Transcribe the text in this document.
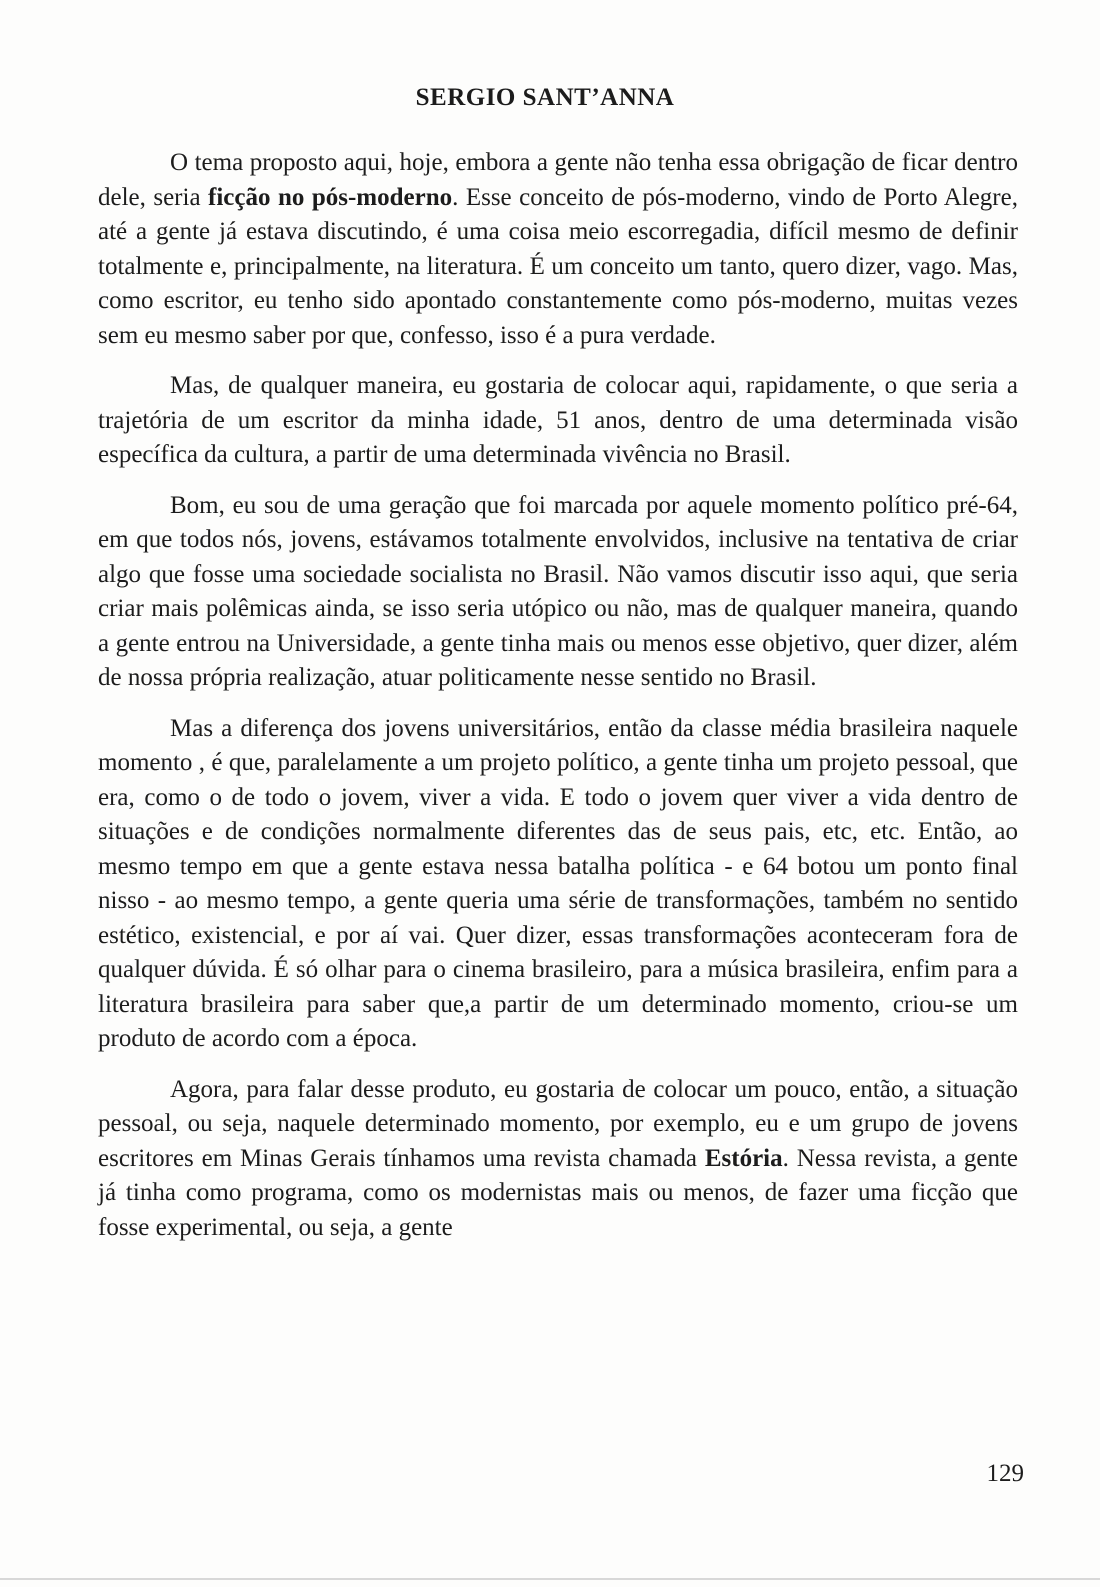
SERGIO SANT’ANNA

O tema proposto aqui, hoje, embora a gente não tenha essa obrigação de ficar dentro dele, seria ficção no pós-moderno. Esse conceito de pós-moderno, vindo de Porto Alegre, até a gente já estava discutindo, é uma coisa meio escorregadia, difícil mesmo de definir totalmente e, principalmente, na literatura. É um conceito um tanto, quero dizer, vago. Mas, como escritor, eu tenho sido apontado constantemente como pós-moderno, muitas vezes sem eu mesmo saber por que, confesso, isso é a pura verdade.

Mas, de qualquer maneira, eu gostaria de colocar aqui, rapidamente, o que seria a trajetória de um escritor da minha idade, 51 anos, dentro de uma determinada visão específica da cultura, a partir de uma determinada vivência no Brasil.

Bom, eu sou de uma geração que foi marcada por aquele momento político pré-64, em que todos nós, jovens, estávamos totalmente envolvidos, inclusive na tentativa de criar algo que fosse uma sociedade socialista no Brasil. Não vamos discutir isso aqui, que seria criar mais polêmicas ainda, se isso seria utópico ou não, mas de qualquer maneira, quando a gente entrou na Universidade, a gente tinha mais ou menos esse objetivo, quer dizer, além de nossa própria realização, atuar politicamente nesse sentido no Brasil.

Mas a diferença dos jovens universitários, então da classe média brasileira naquele momento , é que, paralelamente a um projeto político, a gente tinha um projeto pessoal, que era, como o de todo o jovem, viver a vida. E todo o jovem quer viver a vida dentro de situações e de condições normalmente diferentes das de seus pais, etc, etc. Então, ao mesmo tempo em que a gente estava nessa batalha política - e 64 botou um ponto final nisso - ao mesmo tempo, a gente queria uma série de transformações, também no sentido estético, existencial, e por aí vai. Quer dizer, essas transformações aconteceram fora de qualquer dúvida. É só olhar para o cinema brasileiro, para a música brasileira, enfim para a literatura brasileira para saber que,a partir de um determinado momento, criou-se um produto de acordo com a época.

Agora, para falar desse produto, eu gostaria de colocar um pouco, então, a situação pessoal, ou seja, naquele determinado momento, por exemplo, eu e um grupo de jovens escritores em Minas Gerais tínhamos uma revista chamada Estória. Nessa revista, a gente já tinha como programa, como os modernistas mais ou menos, de fazer uma ficção que fosse experimental, ou seja, a gente

129
